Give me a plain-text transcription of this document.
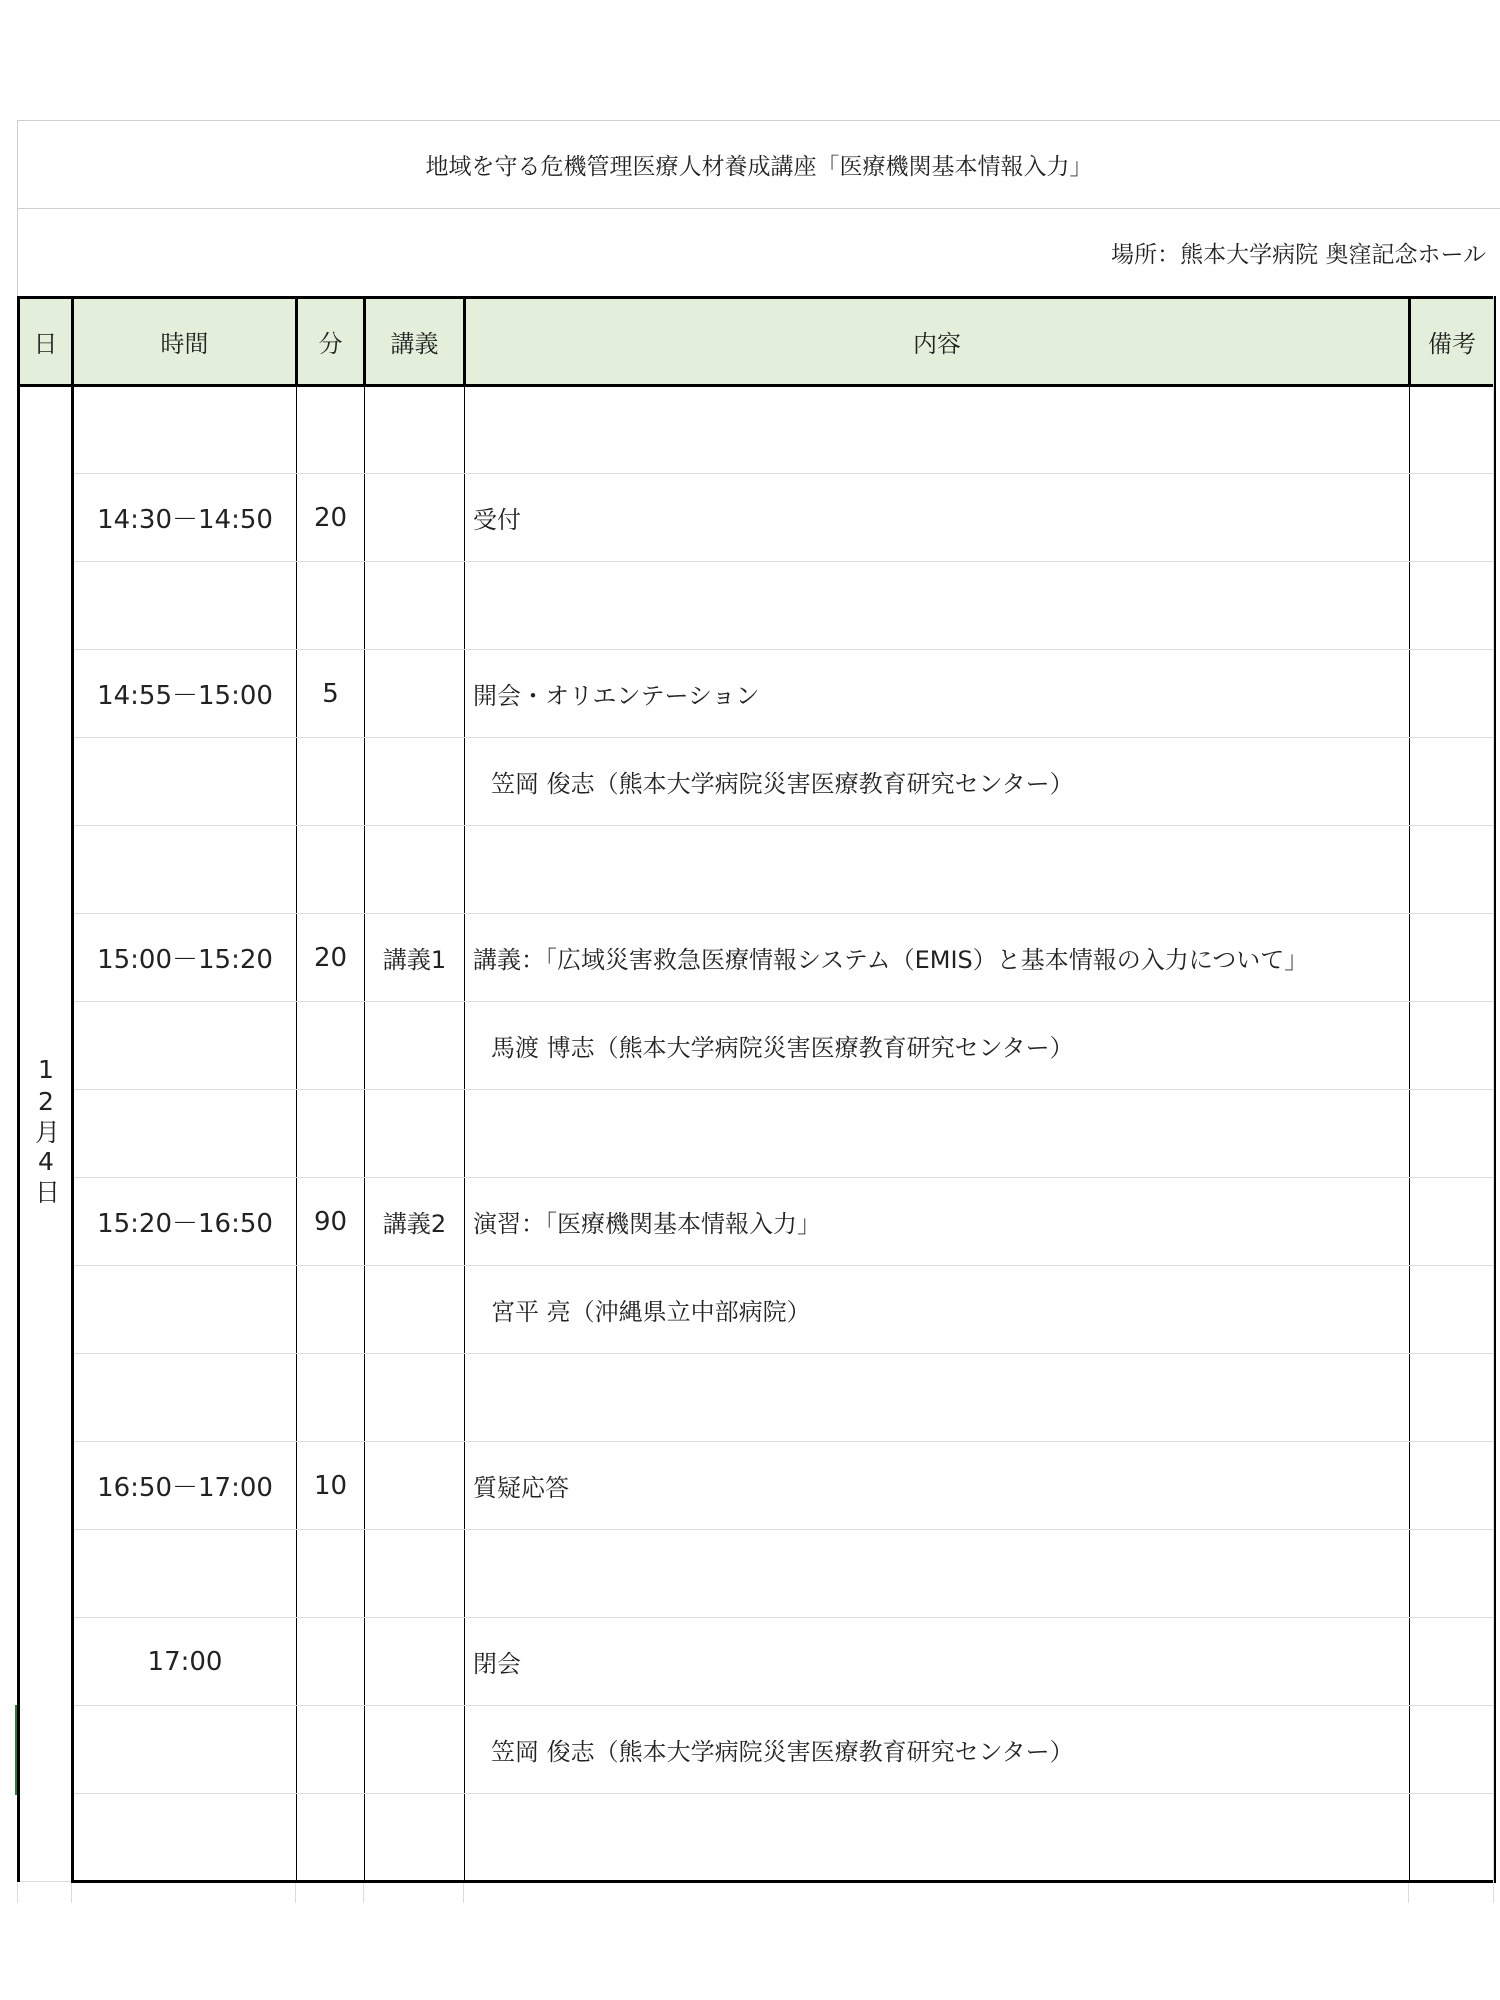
地域を守る危機管理医療人材養成講座「医療機関基本情報入力」
場所：熊本大学病院 奥窪記念ホール
日	時間	分	講義	内容	備考
12月4日					
	14:30－14:50	20		受付	

	14:55－15:00	5		開会・オリエンテーション	
				笠岡 俊志（熊本大学病院災害医療教育研究センター）	

	15:00－15:20	20	講義1	講義：「広域災害救急医療情報システム（EMIS）と基本情報の入力について」	
				馬渡 博志（熊本大学病院災害医療教育研究センター）	

	15:20－16:50	90	講義2	演習：「医療機関基本情報入力」	
				宮平 亮（沖縄県立中部病院）	

	16:50－17:00	10		質疑応答	

	17:00			閉会	
				笠岡 俊志（熊本大学病院災害医療教育研究センター）	
